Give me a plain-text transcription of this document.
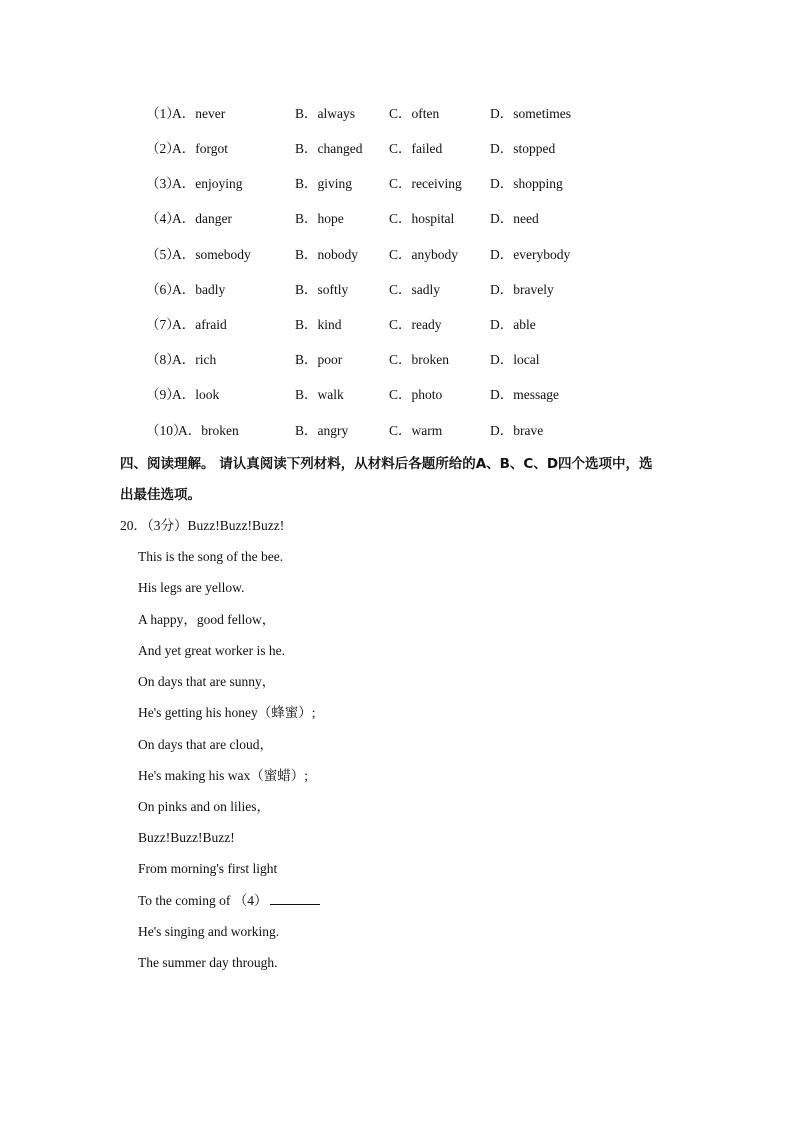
（1）
A．never	B．always	C．often	D．sometimes
（2）
A．forgot	B．changed C．failed	D．stopped
（3）
A．enjoying	B．giving	C．receiving D．shopping
（4）
A．danger	B．hope	C．hospital	D．need
（5）
A．somebody	B．nobody C．anybody D．everybody
（6）
A．badly	B．softly	C．sadly	D．bravely
（7）
A．afraid	B．kind	C．ready	D．able
（8）
A．rich	B．poor	C．broken	D．local
（9）
A．look	B．walk	C．photo	D．message
（10）
A．broken	B．angry	C．warm	D．brave
四、阅读理解。 请认真阅读下列材料，从材料后各题所给的A、B、C、D四个选项中，选
出最佳选项。
20．（3分）Buzz!Buzz!Buzz!
This is the song of the bee.
His legs are yellow.
A happy，good fellow，
And yet great worker is he.
On days that are sunny，
He's getting his honey（蜂蜜）;
On days that are cloud，
He's making his wax（蜜蜡）;
On pinks and on lilies，
Buzz!Buzz!Buzz!
From morning's first light
To the coming of （4）
He's singing and working.
The summer day through.
